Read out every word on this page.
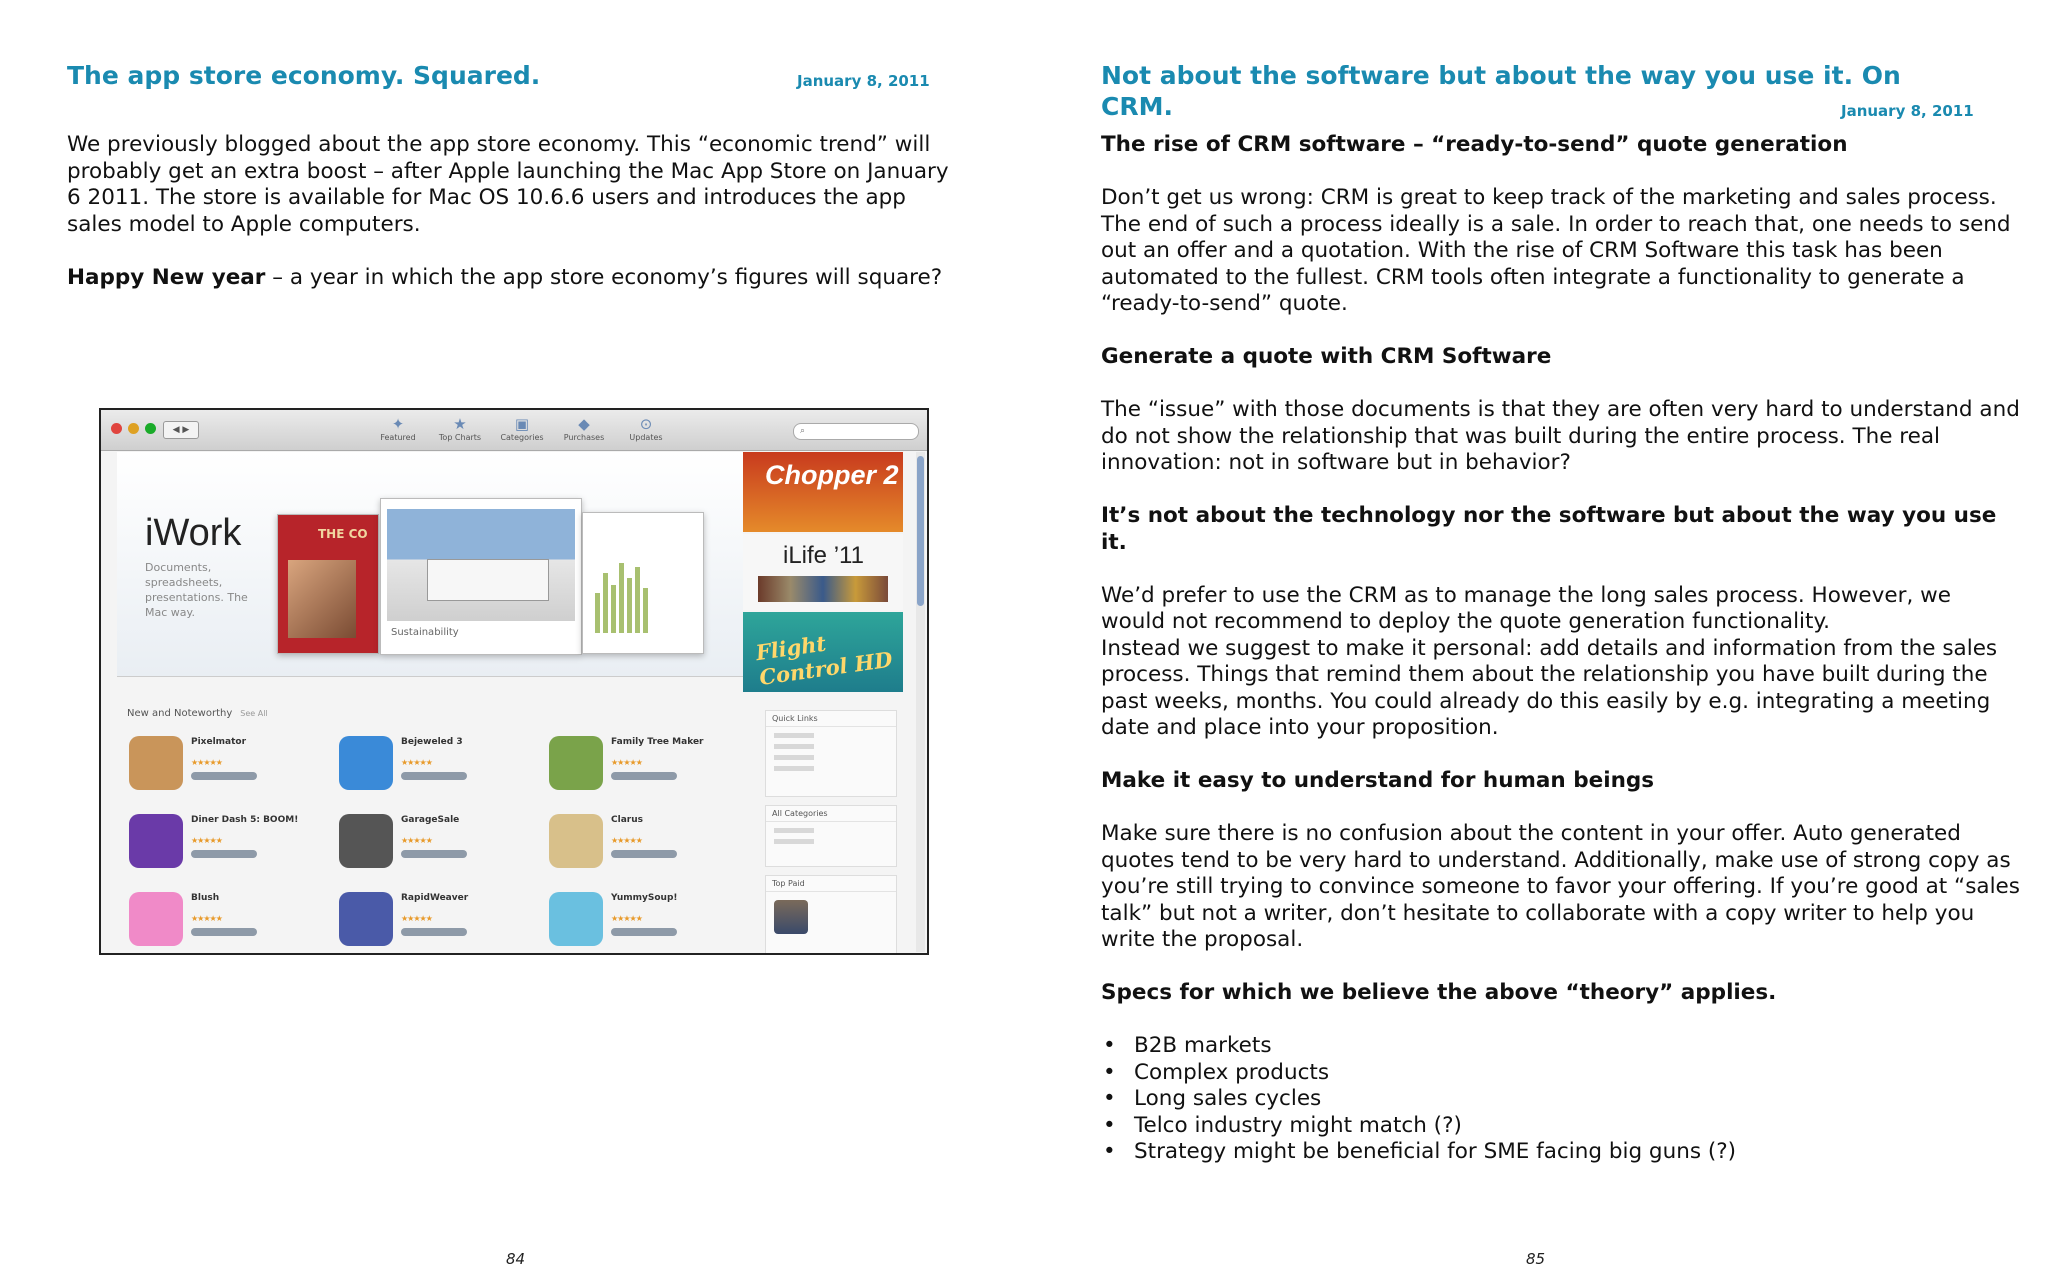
The app store economy. Squared.	January 8, 2011

We previously blogged about the app store economy. This “economic trend” will probably get an extra boost – after Apple launching the Mac App Store on January 6 2011. The store is available for Mac OS 10.6.6 users and introduces the app sales model to Apple computers.

Happy New year – a year in which the app store economy’s figures will square?

◀ ▶	✦
Featured
★
Top Charts
▣
Categories
◆
Purchases
⊙
Updates
⌕
iWork
Documents, spreadsheets, presentations. The Mac way.
THE CO
Sustainability
Chopper 2
iLife ’11
Flight Control HD
New and Noteworthy See All
Pixelmator
★★★★★
Bejeweled 3
★★★★★
Family Tree Maker
★★★★★
Diner Dash 5: BOOM!
★★★★★
GarageSale
★★★★★
Clarus
★★★★★
Blush
★★★★★
RapidWeaver
★★★★★
YummySoup!
★★★★★
Quick Links
All Categories
Top Paid
84
Not about the software but about the way you use it. On CRM.	January 8, 2011
The rise of CRM software – “ready-to-send” quote generation

Don’t get us wrong: CRM is great to keep track of the marketing and sales process. The end of such a process ideally is a sale. In order to reach that, one needs to send out an offer and a quotation. With the rise of CRM Software this task has been automated to the fullest. CRM tools often integrate a functionality to generate a “ready-to-send” quote.

Generate a quote with CRM Software

The “issue” with those documents is that they are often very hard to understand and do not show the relationship that was built during the entire process. The real innovation: not in software but in behavior?

It’s not about the technology nor the software but about the way you use it.
We’d prefer to use the CRM as to manage the long sales process. However, we would not recommend to deploy the quote generation functionality.

Instead we suggest to make it personal: add details and information from the sales process. Things that remind them about the relationship you have built during the past weeks, months. You could already do this easily by e.g. integrating a meeting date and place into your proposition.

Make it easy to understand for human beings

Make sure there is no confusion about the content in your offer. Auto generated quotes tend to be very hard to understand. Additionally, make use of strong copy as you’re still trying to convince someone to favor your offering. If you’re good at “sales talk” but not a writer, don’t hesitate to collaborate with a copy writer to help you write the proposal.

Specs for which we believe the above “theory” applies.
• B2B markets
• Complex products
• Long sales cycles
• Telco industry might match (?)
• Strategy might be beneficial for SME facing big guns (?)
85
